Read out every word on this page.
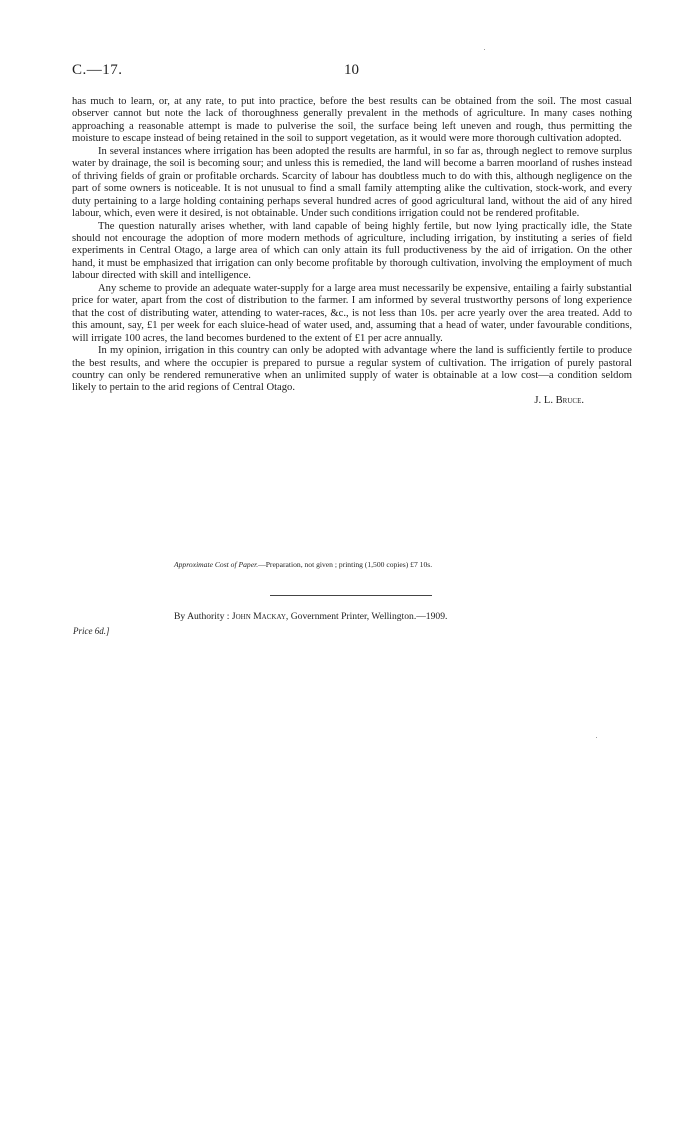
C.—17.	10

has much to learn, or, at any rate, to put into practice, before the best results can be obtained from the soil. The most casual observer cannot but note the lack of thoroughness generally prevalent in the methods of agriculture. In many cases nothing approaching a reasonable attempt is made to pulverise the soil, the surface being left uneven and rough, thus permitting the moisture to escape instead of being retained in the soil to support vegetation, as it would were more thorough cultivation adopted.

In several instances where irrigation has been adopted the results are harmful, in so far as, through neglect to remove surplus water by drainage, the soil is becoming sour; and unless this is remedied, the land will become a barren moorland of rushes instead of thriving fields of grain or profitable orchards. Scarcity of labour has doubtless much to do with this, although negligence on the part of some owners is noticeable. It is not unusual to find a small family attempting alike the cultivation, stock-work, and every duty pertaining to a large holding containing perhaps several hundred acres of good agricultural land, without the aid of any hired labour, which, even were it desired, is not obtainable. Under such conditions irrigation could not be rendered profitable.

The question naturally arises whether, with land capable of being highly fertile, but now lying practically idle, the State should not encourage the adoption of more modern methods of agriculture, including irrigation, by instituting a series of field experiments in Central Otago, a large area of which can only attain its full productiveness by the aid of irrigation. On the other hand, it must be emphasized that irrigation can only become profitable by thorough cultivation, involving the employment of much labour directed with skill and intelligence.

Any scheme to provide an adequate water-supply for a large area must necessarily be expensive, entailing a fairly substantial price for water, apart from the cost of distribution to the farmer. I am informed by several trustworthy persons of long experience that the cost of distributing water, attending to water-races, &c., is not less than 10s. per acre yearly over the area treated. Add to this amount, say, £1 per week for each sluice-head of water used, and, assuming that a head of water, under favourable conditions, will irrigate 100 acres, the land becomes burdened to the extent of £1 per acre annually.

In my opinion, irrigation in this country can only be adopted with advantage where the land is sufficiently fertile to produce the best results, and where the occupier is prepared to pursue a regular system of cultivation. The irrigation of purely pastoral country can only be rendered remunerative when an unlimited supply of water is obtainable at a low cost—a condition seldom likely to pertain to the arid regions of Central Otago.

J. L. Bruce.
Approximate Cost of Paper.—Preparation, not given ; printing (1,500 copies) £7 10s.
By Authority : John Mackay, Government Printer, Wellington.—1909.
Price 6d.]
